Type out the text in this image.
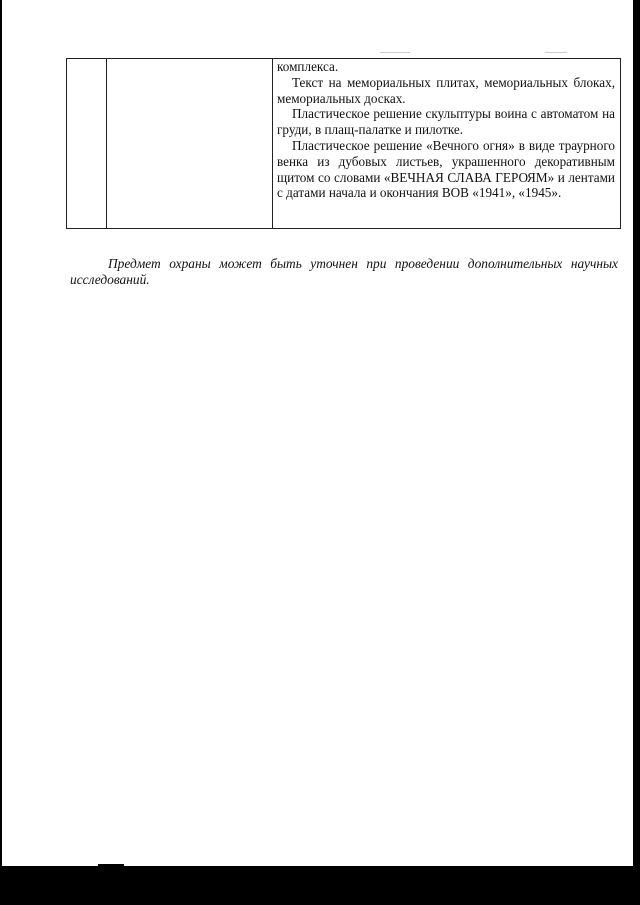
комплекса.

Текст на мемориальных плитах, мемориальных блоках, мемориальных досках.

Пластическое решение скульптуры воина с автоматом на груди, в плащ-палатке и пилотке.

Пластическое решение «Вечного огня» в виде траурного венка из дубовых листьев, украшенного декоративным щитом со словами «ВЕЧНАЯ СЛАВА ГЕРОЯМ» и лентами с датами начала и окончания ВОВ «1941», «1945».

Предмет охраны может быть уточнен при проведении дополнительных научных исследований.
